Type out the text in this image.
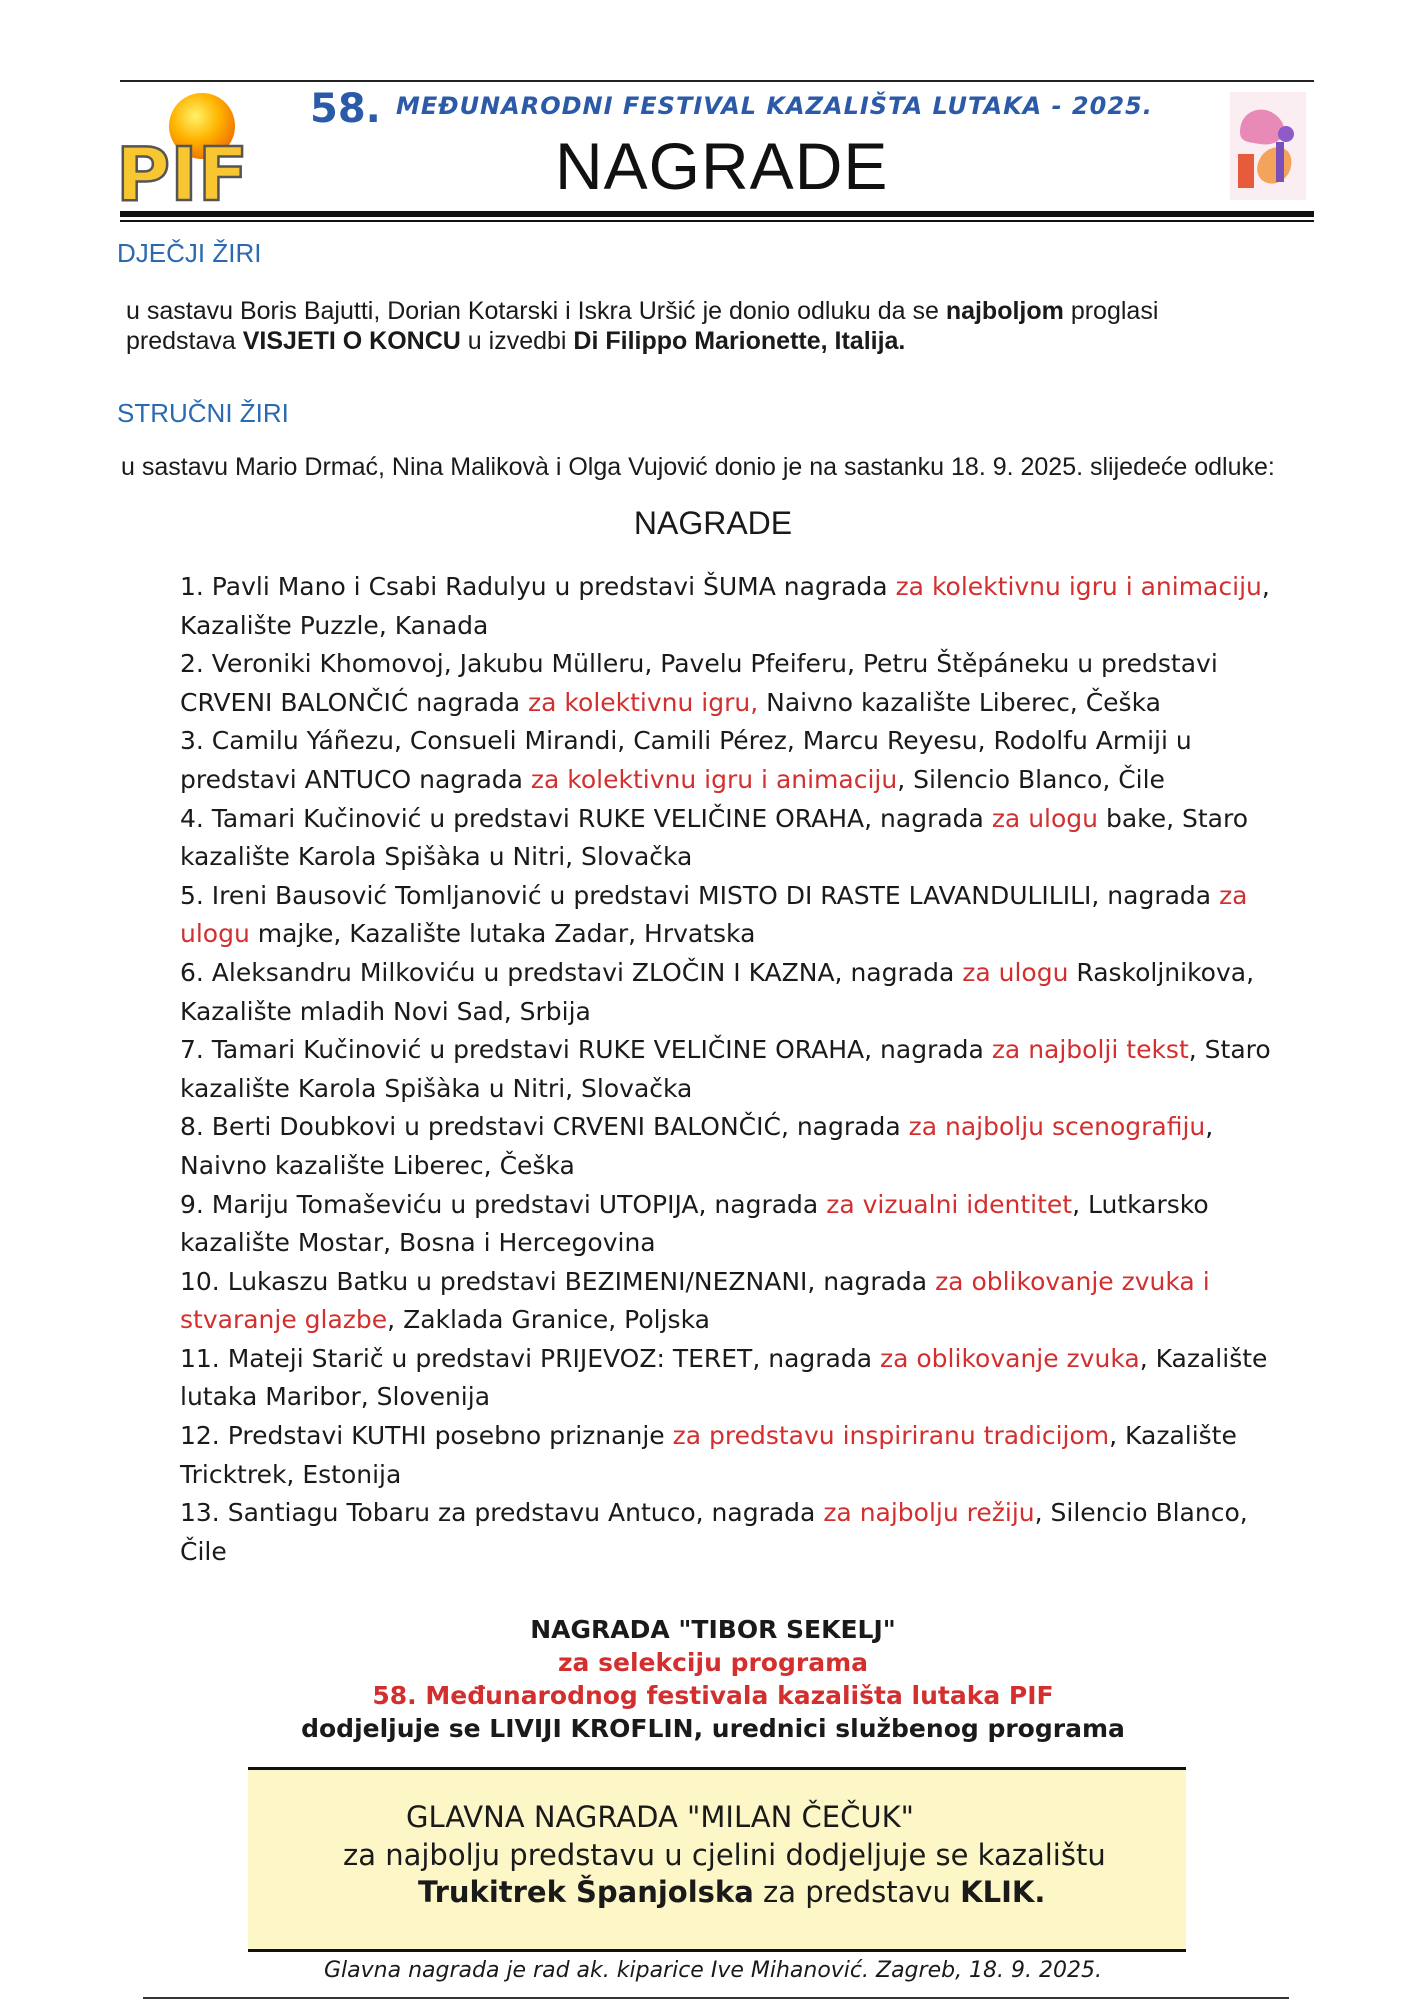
PIF
58. MEĐUNARODNI FESTIVAL KAZALIŠTA LUTAKA - 2025.
NAGRADE
DJEČJI ŽIRI
u sastavu Boris Bajutti, Dorian Kotarski i Iskra Uršić je donio odluku da se najboljom proglasi
predstava VISJETI O KONCU u izvedbi Di Filippo Marionette, Italija.
STRUČNI ŽIRI
u sastavu Mario Drmać, Nina Malikovà i Olga Vujović donio je na sastanku 18. 9. 2025. slijedeće odluke:
NAGRADE
1. Pavli Mano i Csabi Radulyu u predstavi ŠUMA nagrada za kolektivnu igru i animaciju,
Kazalište Puzzle, Kanada
2. Veroniki Khomovoj, Jakubu Mülleru, Pavelu Pfeiferu, Petru Štěpáneku u predstavi
CRVENI BALONČIĆ nagrada za kolektivnu igru, Naivno kazalište Liberec, Češka
3. Camilu Yáñezu, Consueli Mirandi, Camili Pérez, Marcu Reyesu, Rodolfu Armiji u
predstavi ANTUCO nagrada za kolektivnu igru i animaciju, Silencio Blanco, Čile
4. Tamari Kučinović u predstavi RUKE VELIČINE ORAHA, nagrada za ulogu bake, Staro
kazalište Karola Spišàka u Nitri, Slovačka
5. Ireni Bausović Tomljanović u predstavi MISTO DI RASTE LAVANDULILILI, nagrada za
ulogu majke, Kazalište lutaka Zadar, Hrvatska
6. Aleksandru Milkoviću u predstavi ZLOČIN I KAZNA, nagrada za ulogu Raskoljnikova,
Kazalište mladih Novi Sad, Srbija
7. Tamari Kučinović u predstavi RUKE VELIČINE ORAHA, nagrada za najbolji tekst, Staro
kazalište Karola Spišàka u Nitri, Slovačka
8. Berti Doubkovi u predstavi CRVENI BALONČIĆ, nagrada za najbolju scenografiju,
Naivno kazalište Liberec, Češka
9. Mariju Tomaševiću u predstavi UTOPIJA, nagrada za vizualni identitet, Lutkarsko
kazalište Mostar, Bosna i Hercegovina
10. Lukaszu Batku u predstavi BEZIMENI/NEZNANI, nagrada za oblikovanje zvuka i
stvaranje glazbe, Zaklada Granice, Poljska
11. Mateji Starič u predstavi PRIJEVOZ: TERET, nagrada za oblikovanje zvuka, Kazalište
lutaka Maribor, Slovenija
12. Predstavi KUTHI posebno priznanje za predstavu inspiriranu tradicijom, Kazalište
Tricktrek, Estonija
13. Santiagu Tobaru za predstavu Antuco, nagrada za najbolju režiju, Silencio Blanco,
Čile
NAGRADA "TIBOR SEKELJ"
za selekciju programa
58. Međunarodnog festivala kazališta lutaka PIF
dodjeljuje se LIVIJI KROFLIN, urednici službenog programa
GLAVNA NAGRADA "MILAN ČEČUK"
za najbolju predstavu u cjelini dodjeljuje se kazalištu
Trukitrek Španjolska za predstavu KLIK.
Glavna nagrada je rad ak. kiparice Ive Mihanović. Zagreb, 18. 9. 2025.
